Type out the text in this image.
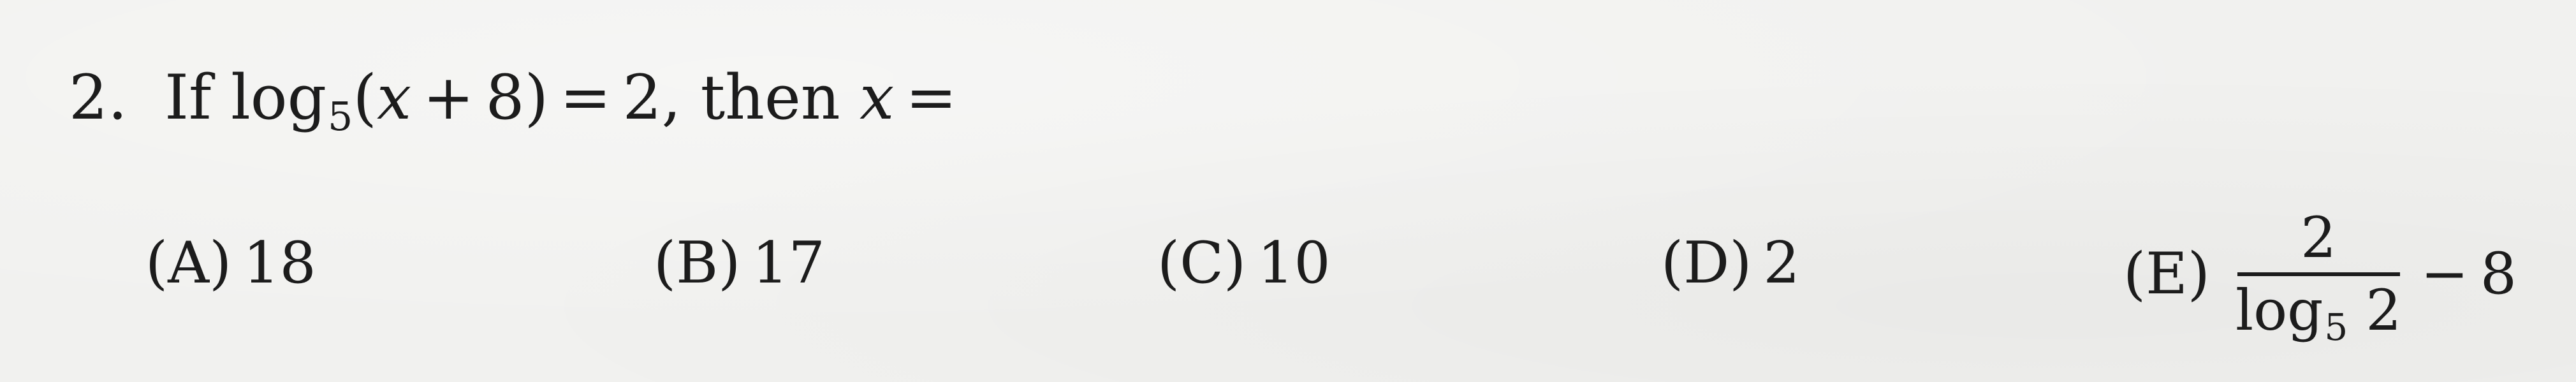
2. If log5(x + 8) = 2, then x =
(A) 18	(B) 17	(C) 10	(D) 2	(E)
2
log5 2
− 8
